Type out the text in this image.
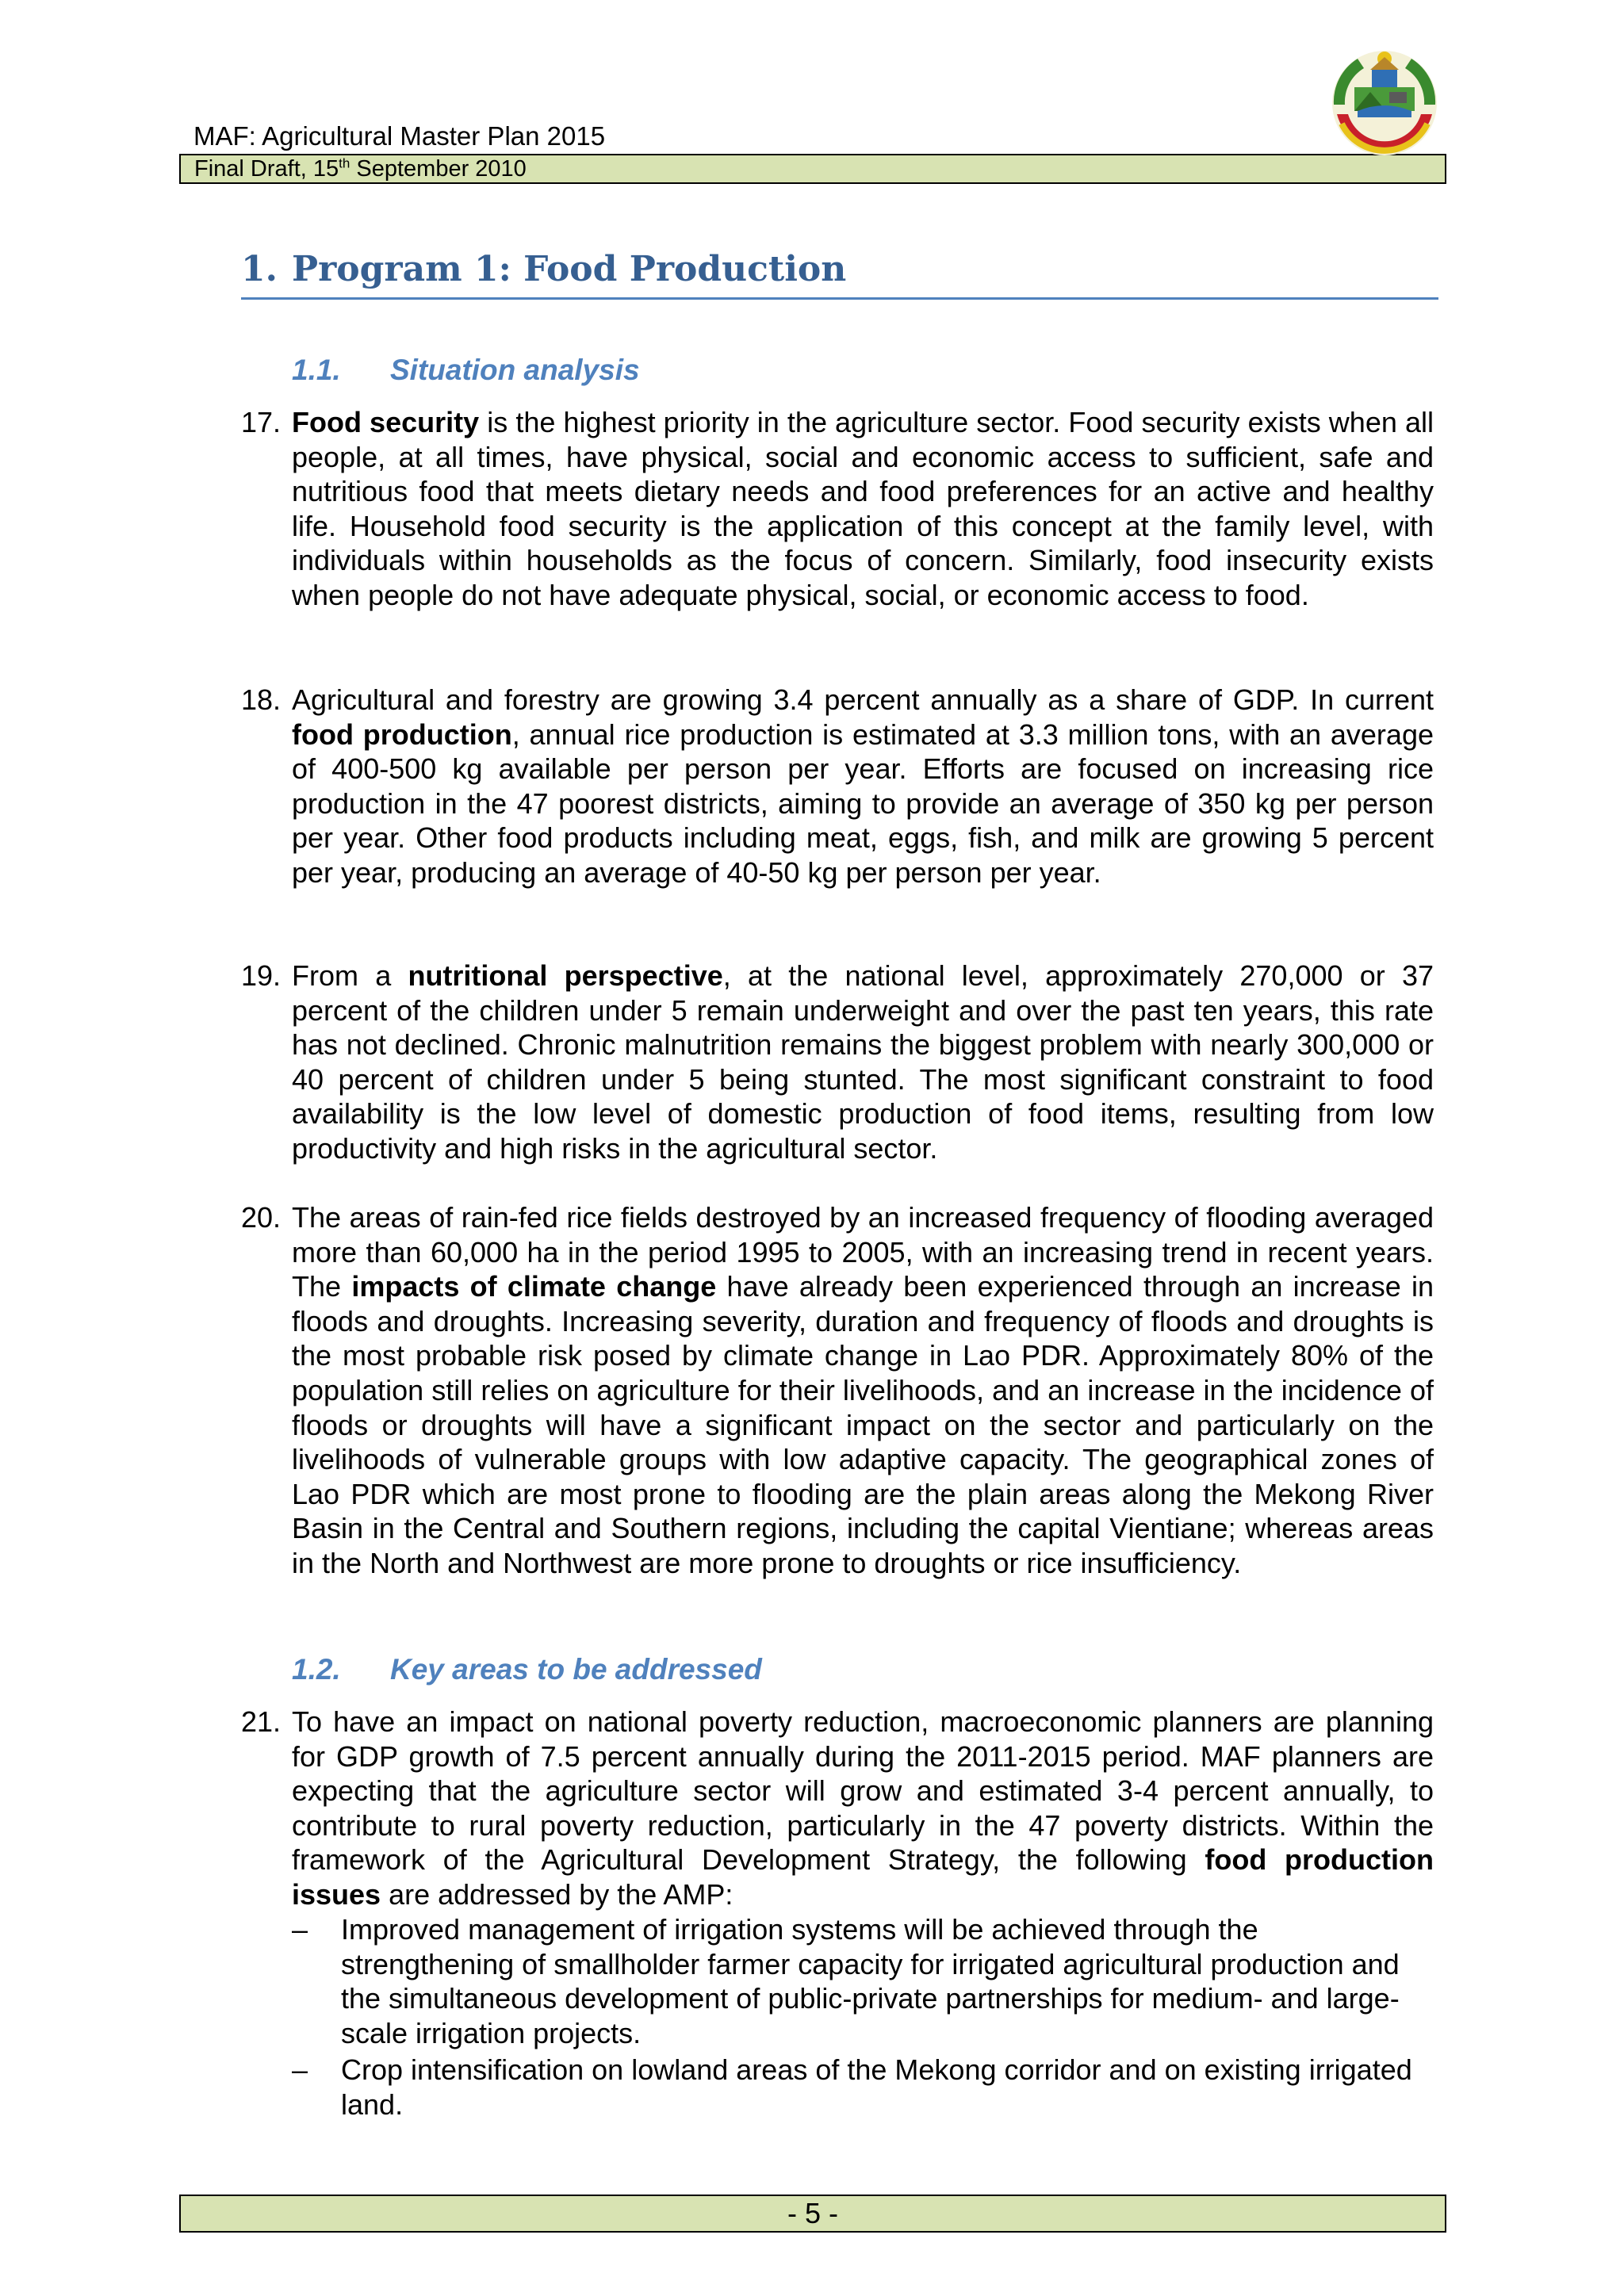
MAF: Agricultural Master Plan 2015
Final Draft, 15th September 2010
1. Program 1: Food Production
1.1. Situation analysis
17. Food security is the highest priority in the agriculture sector. Food security exists when all people, at all times, have physical, social and economic access to sufficient, safe and nutritious food that meets dietary needs and food preferences for an active and healthy life. Household food security is the application of this concept at the family level, with individuals within households as the focus of concern. Similarly, food insecurity exists when people do not have adequate physical, social, or economic access to food.
18. Agricultural and forestry are growing 3.4 percent annually as a share of GDP. In current food production, annual rice production is estimated at 3.3 million tons, with an average of 400-500 kg available per person per year. Efforts are focused on increasing rice production in the 47 poorest districts, aiming to provide an average of 350 kg per person per year. Other food products including meat, eggs, fish, and milk are growing 5 percent per year, producing an average of 40-50 kg per person per year.
19. From a nutritional perspective, at the national level, approximately 270,000 or 37 percent of the children under 5 remain underweight and over the past ten years, this rate has not declined. Chronic malnutrition remains the biggest problem with nearly 300,000 or 40 percent of children under 5 being stunted. The most significant constraint to food availability is the low level of domestic production of food items, resulting from low productivity and high risks in the agricultural sector.
20. The areas of rain-fed rice fields destroyed by an increased frequency of flooding averaged more than 60,000 ha in the period 1995 to 2005, with an increasing trend in recent years. The impacts of climate change have already been experienced through an increase in floods and droughts. Increasing severity, duration and frequency of floods and droughts is the most probable risk posed by climate change in Lao PDR. Approximately 80% of the population still relies on agriculture for their livelihoods, and an increase in the incidence of floods or droughts will have a significant impact on the sector and particularly on the livelihoods of vulnerable groups with low adaptive capacity. The geographical zones of Lao PDR which are most prone to flooding are the plain areas along the Mekong River Basin in the Central and Southern regions, including the capital Vientiane; whereas areas in the North and Northwest are more prone to droughts or rice insufficiency.
1.2. Key areas to be addressed
21. To have an impact on national poverty reduction, macroeconomic planners are planning for GDP growth of 7.5 percent annually during the 2011-2015 period. MAF planners are expecting that the agriculture sector will grow and estimated 3-4 percent annually, to contribute to rural poverty reduction, particularly in the 47 poverty districts. Within the framework of the Agricultural Development Strategy, the following food production issues are addressed by the AMP:
– Improved management of irrigation systems will be achieved through the strengthening of smallholder farmer capacity for irrigated agricultural production and the simultaneous development of public-private partnerships for medium- and large-scale irrigation projects.
– Crop intensification on lowland areas of the Mekong corridor and on existing irrigated land.
- 5 -
